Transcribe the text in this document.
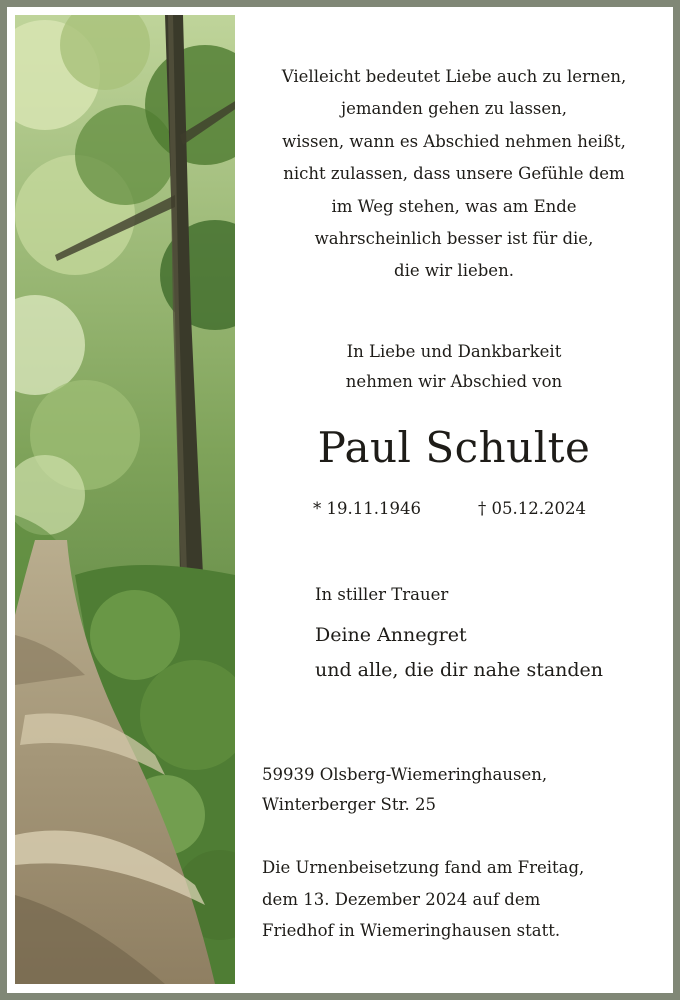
Vielleicht bedeutet Liebe auch zu lernen,
jemanden gehen zu lassen,
wissen, wann es Abschied nehmen heißt,
nicht zulassen, dass unsere Gefühle dem
im Weg stehen, was am Ende
wahrscheinlich besser ist für die,
die wir lieben.
In Liebe und Dankbarkeit
nehmen wir Abschied von
Paul Schulte
* 19.11.1946	† 05.12.2024
In stiller Trauer
Deine Annegret
und alle, die dir nahe standen
59939 Olsberg-Wiemeringhausen,
Winterberger Str. 25
Die Urnenbeisetzung fand am Freitag,
dem 13. Dezember 2024 auf dem
Friedhof in Wiemeringhausen statt.
